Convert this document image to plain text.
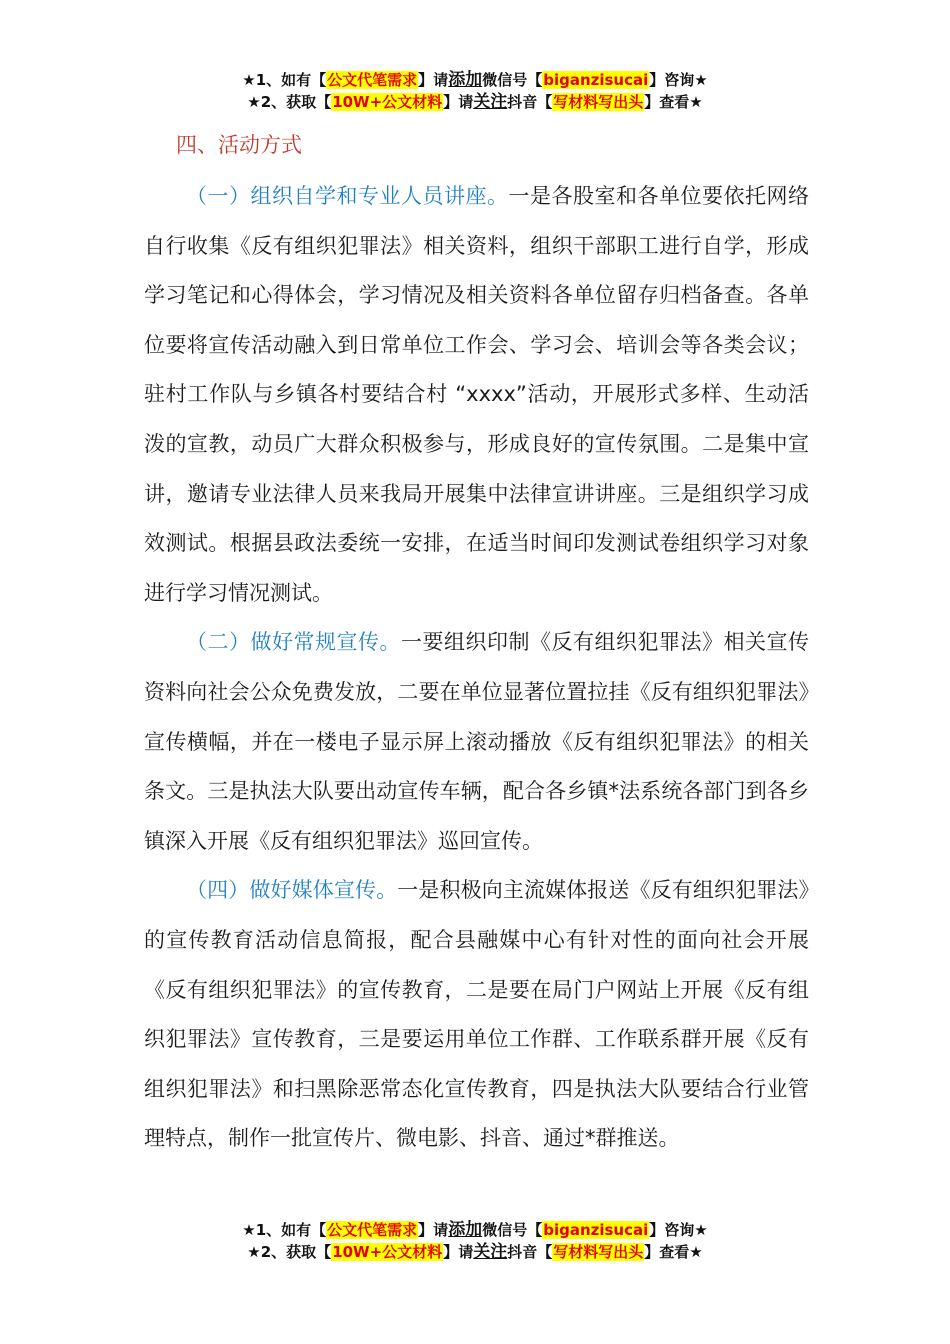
★1、如有【公文代笔需求】请添加微信号【biganzisucai】咨询★
★2、获取【10W+公文材料】请关注抖音【写材料写出头】查看★
四、活动方式

（一）组织自学和专业人员讲座。一是各股室和各单位要依托网络自行收集《反有组织犯罪法》相关资料，组织干部职工进行自学，形成学习笔记和心得体会，学习情况及相关资料各单位留存归档备查。各单位要将宣传活动融入到日常单位工作会、学习会、培训会等各类会议；驻村工作队与乡镇各村要结合村 “xxxx”活动，开展形式多样、生动活泼的宣教，动员广大群众积极参与，形成良好的宣传氛围。二是集中宣讲，邀请专业法律人员来我局开展集中法律宣讲讲座。三是组织学习成效测试。根据县政法委统一安排，在适当时间印发测试卷组织学习对象进行学习情况测试。

（二）做好常规宣传。一要组织印制《反有组织犯罪法》相关宣传资料向社会公众免费发放，二要在单位显著位置拉挂《反有组织犯罪法》宣传横幅，并在一楼电子显示屏上滚动播放《反有组织犯罪法》的相关条文。三是执法大队要出动宣传车辆，配合各乡镇*法系统各部门到各乡镇深入开展《反有组织犯罪法》巡回宣传。

（四）做好媒体宣传。一是积极向主流媒体报送《反有组织犯罪法》的宣传教育活动信息简报，配合县融媒中心有针对性的面向社会开展《反有组织犯罪法》的宣传教育，二是要在局门户网站上开展《反有组织犯罪法》宣传教育，三是要运用单位工作群、工作联系群开展《反有组织犯罪法》和扫黑除恶常态化宣传教育，四是执法大队要结合行业管理特点，制作一批宣传片、微电影、抖音、通过*群推送。

★1、如有【公文代笔需求】请添加微信号【biganzisucai】咨询★
★2、获取【10W+公文材料】请关注抖音【写材料写出头】查看★
